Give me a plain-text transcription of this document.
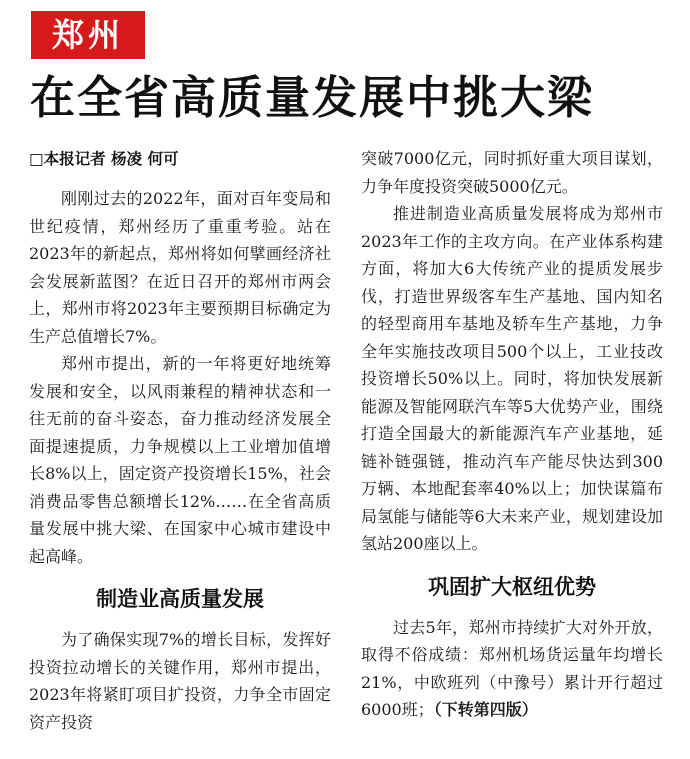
郑州
在全省高质量发展中挑大梁
□本报记者 杨凌 何可

刚刚过去的2022年，面对百年变局和世纪疫情，郑州经历了重重考验。站在2023年的新起点，郑州将如何擘画经济社会发展新蓝图？在近日召开的郑州市两会上，郑州市将2023年主要预期目标确定为生产总值增长7%。

郑州市提出，新的一年将更好地统筹发展和安全，以风雨兼程的精神状态和一往无前的奋斗姿态，奋力推动经济发展全面提速提质，力争规模以上工业增加值增长8%以上，固定资产投资增长15%，社会消费品零售总额增长12%……在全省高质量发展中挑大梁、在国家中心城市建设中起高峰。

制造业高质量发展

为了确保实现7%的增长目标，发挥好投资拉动增长的关键作用，郑州市提出，2023年将紧盯项目扩投资，力争全市固定资产投资

突破7000亿元，同时抓好重大项目谋划，力争年度投资突破5000亿元。

推进制造业高质量发展将成为郑州市2023年工作的主攻方向。在产业体系构建方面，将加大6大传统产业的提质发展步伐，打造世界级客车生产基地、国内知名的轻型商用车基地及轿车生产基地，力争全年实施技改项目500个以上，工业技改投资增长50%以上。同时，将加快发展新能源及智能网联汽车等5大优势产业，围绕打造全国最大的新能源汽车产业基地，延链补链强链，推动汽车产能尽快达到300万辆、本地配套率40%以上；加快谋篇布局氢能与储能等6大未来产业，规划建设加氢站200座以上。

巩固扩大枢纽优势

过去5年，郑州市持续扩大对外开放，取得不俗成绩：郑州机场货运量年均增长21%，中欧班列（中豫号）累计开行超过6000班；（下转第四版）
